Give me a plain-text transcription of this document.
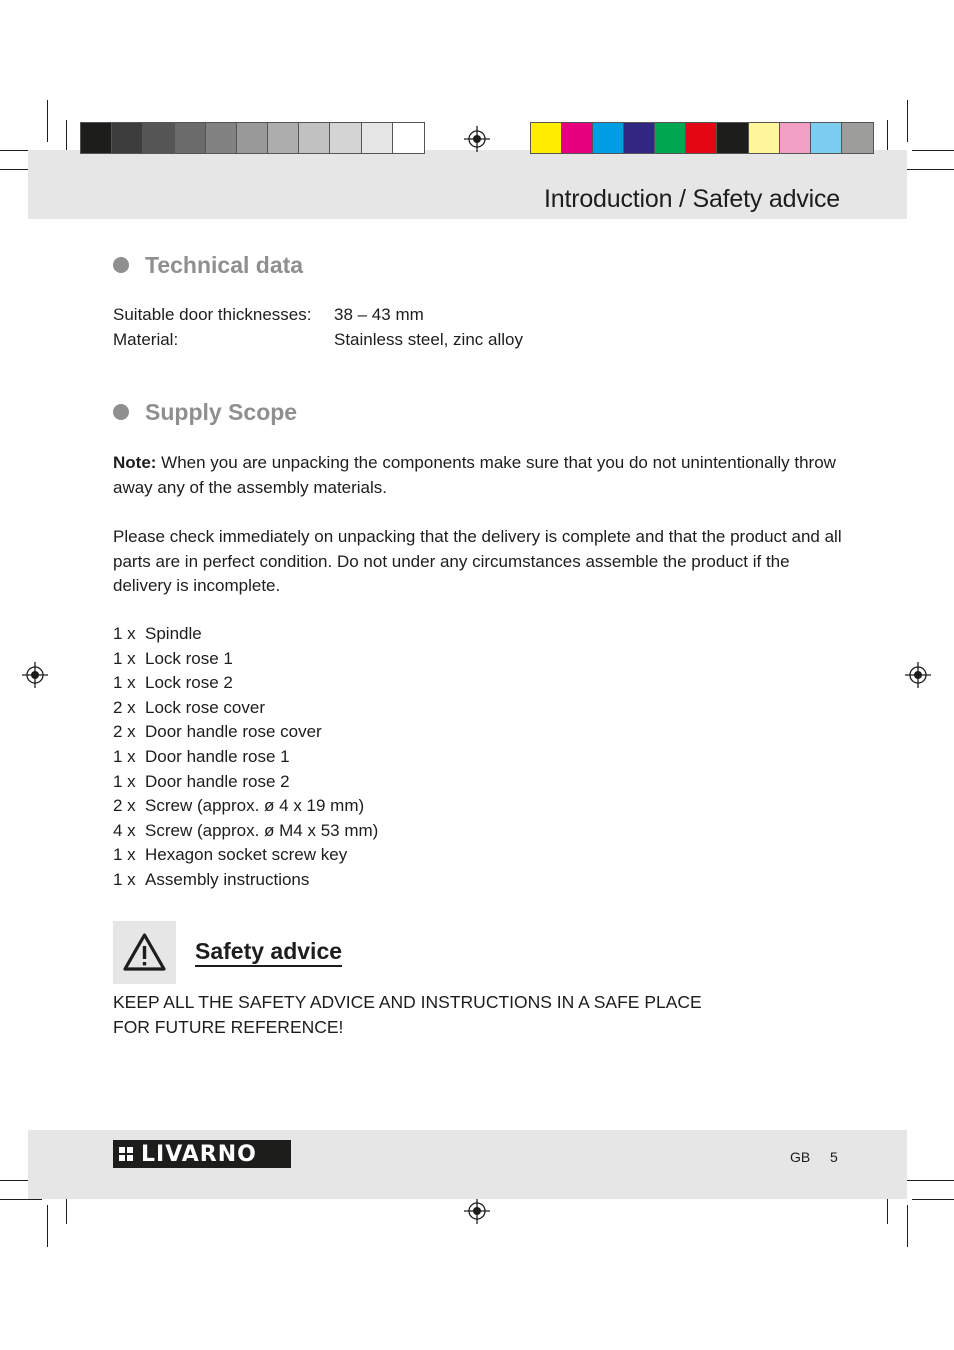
Introduction / Safety advice
Technical data
Suitable door thicknesses: 38 – 43 mm
Material:	Stainless steel, zinc alloy
Supply Scope
Note: When you are unpacking the components make sure that you do not unintentionally throw away any of the assembly materials.
Please check immediately on unpacking that the delivery is complete and that the product and all parts are in perfect condition. Do not under any circumstances assemble the product if the delivery is incomplete.
1 x Spindle
1 x Lock rose 1
1 x Lock rose 2
2 x Lock rose cover
2 x Door handle rose cover
1 x Door handle rose 1
1 x Door handle rose 2
2 x Screw (approx. ø 4 x 19 mm)
4 x Screw (approx. ø M4 x 53 mm)
1 x Hexagon socket screw key
1 x Assembly instructions
Safety advice
KEEP ALL THE SAFETY ADVICE AND INSTRUCTIONS IN A SAFE PLACE
FOR FUTURE REFERENCE!
LIVARNO	GB 5
